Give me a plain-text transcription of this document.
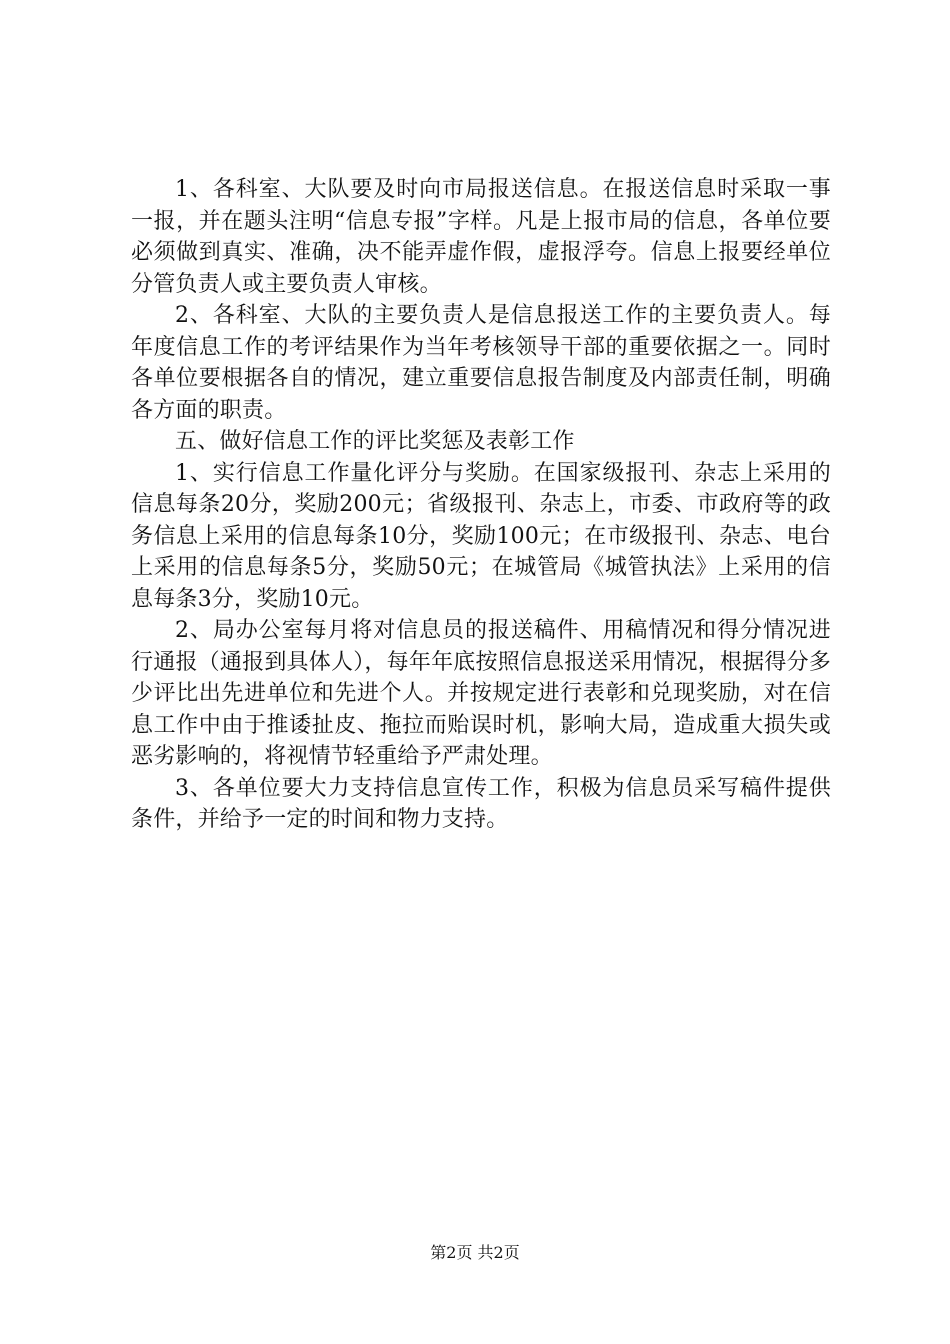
1、各科室、大队要及时向市局报送信息。在报送信息时采取一事一报，并在题头注明“信息专报”字样。凡是上报市局的信息，各单位要必须做到真实、准确，决不能弄虚作假，虚报浮夸。信息上报要经单位分管负责人或主要负责人审核。

2、各科室、大队的主要负责人是信息报送工作的主要负责人。每年度信息工作的考评结果作为当年考核领导干部的重要依据之一。同时各单位要根据各自的情况，建立重要信息报告制度及内部责任制，明确各方面的职责。

五、做好信息工作的评比奖惩及表彰工作

1、实行信息工作量化评分与奖励。在国家级报刊、杂志上采用的信息每条20分，奖励200元；省级报刊、杂志上，市委、市政府等的政务信息上采用的信息每条10分，奖励100元；在市级报刊、杂志、电台上采用的信息每条5分，奖励50元；在城管局《城管执法》上采用的信息每条3分，奖励10元。

2、局办公室每月将对信息员的报送稿件、用稿情况和得分情况进行通报（通报到具体人），每年年底按照信息报送采用情况，根据得分多少评比出先进单位和先进个人。并按规定进行表彰和兑现奖励，对在信息工作中由于推诿扯皮、拖拉而贻误时机，影响大局，造成重大损失或恶劣影响的，将视情节轻重给予严肃处理。

3、各单位要大力支持信息宣传工作，积极为信息员采写稿件提供条件，并给予一定的时间和物力支持。

第2页 共2页
